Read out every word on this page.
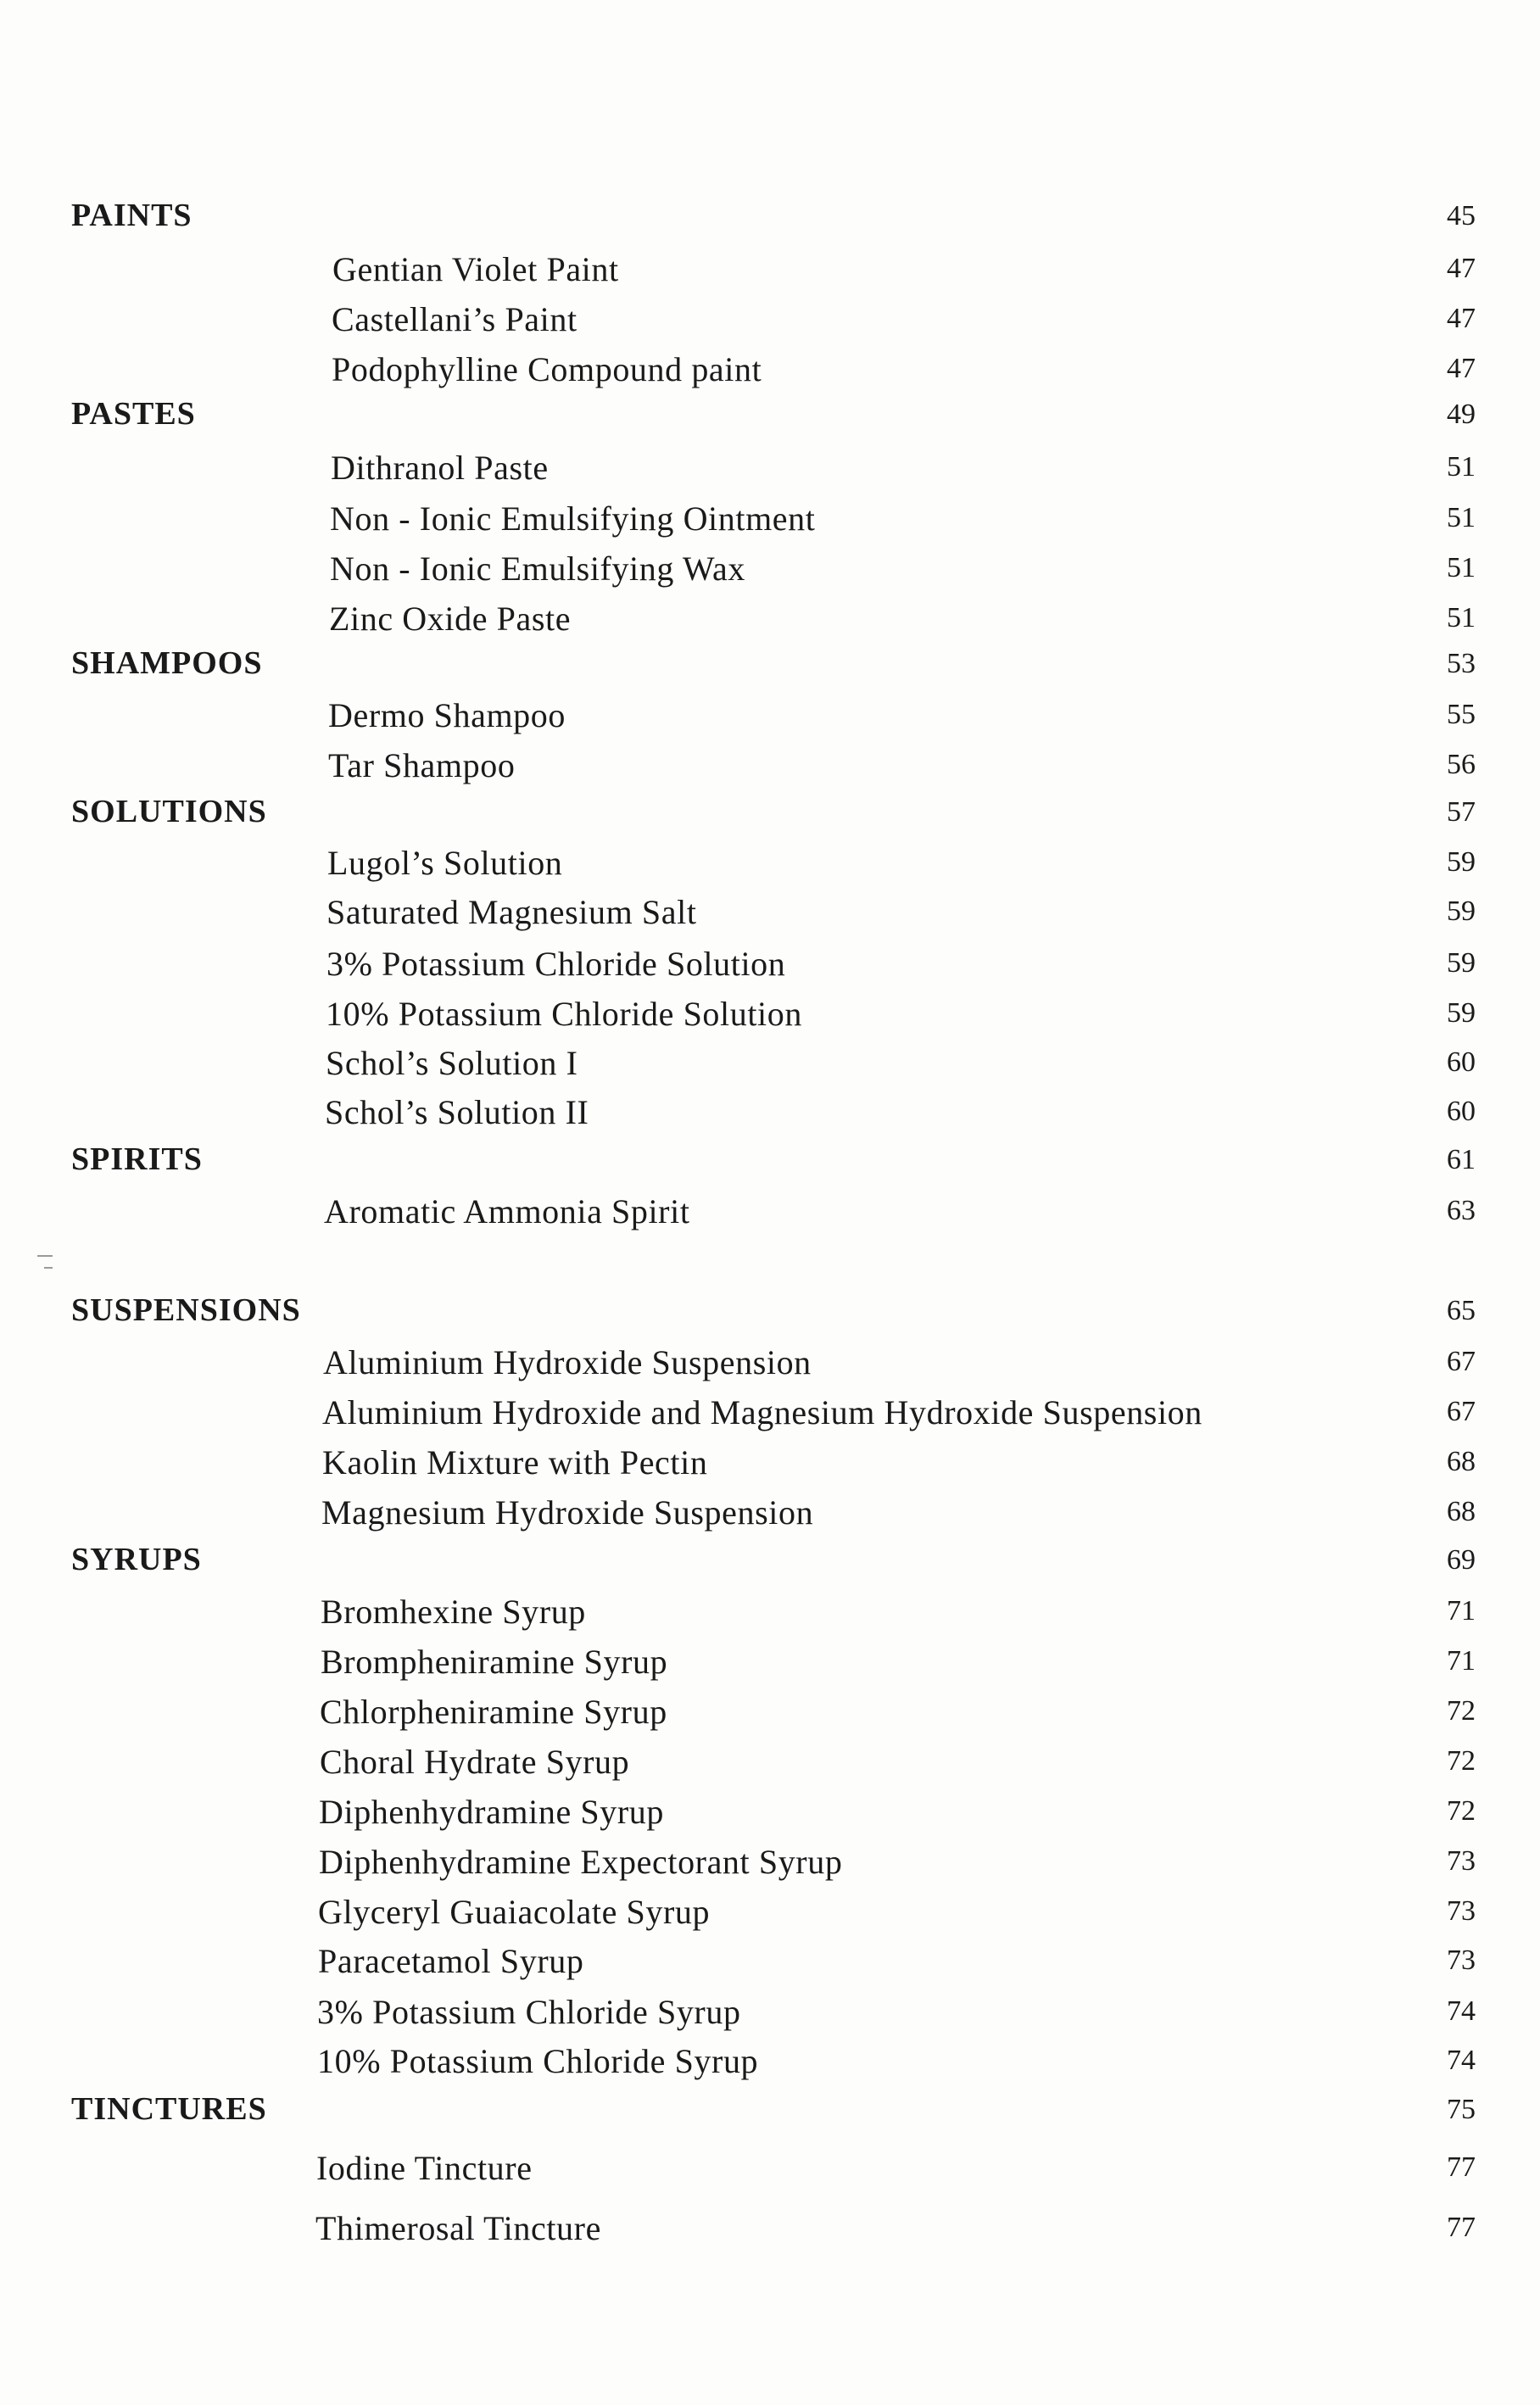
PAINTS	45
Gentian Violet Paint	47
Castellani’s Paint	47
Podophylline Compound paint	47
PASTES	49
Dithranol Paste	51
Non - Ionic Emulsifying Ointment	51
Non - Ionic Emulsifying Wax	51
Zinc Oxide Paste	51
SHAMPOOS	53
Dermo Shampoo	55
Tar Shampoo	56
SOLUTIONS	57
Lugol’s Solution	59
Saturated Magnesium Salt	59
3% Potassium Chloride Solution	59
10% Potassium Chloride Solution	59
Schol’s Solution I	60
Schol’s Solution II	60
SPIRITS	61
Aromatic Ammonia Spirit	63
SUSPENSIONS	65
Aluminium Hydroxide Suspension	67
Aluminium Hydroxide and Magnesium Hydroxide Suspension	67
Kaolin Mixture with Pectin	68
Magnesium Hydroxide Suspension	68
SYRUPS	69
Bromhexine Syrup	71
Brompheniramine Syrup	71
Chlorpheniramine Syrup	72
Choral Hydrate Syrup	72
Diphenhydramine Syrup	72
Diphenhydramine Expectorant Syrup	73
Glyceryl Guaiacolate Syrup	73
Paracetamol Syrup	73
3% Potassium Chloride Syrup	74
10% Potassium Chloride Syrup	74
TINCTURES	75
Iodine Tincture	77
Thimerosal Tincture	77
